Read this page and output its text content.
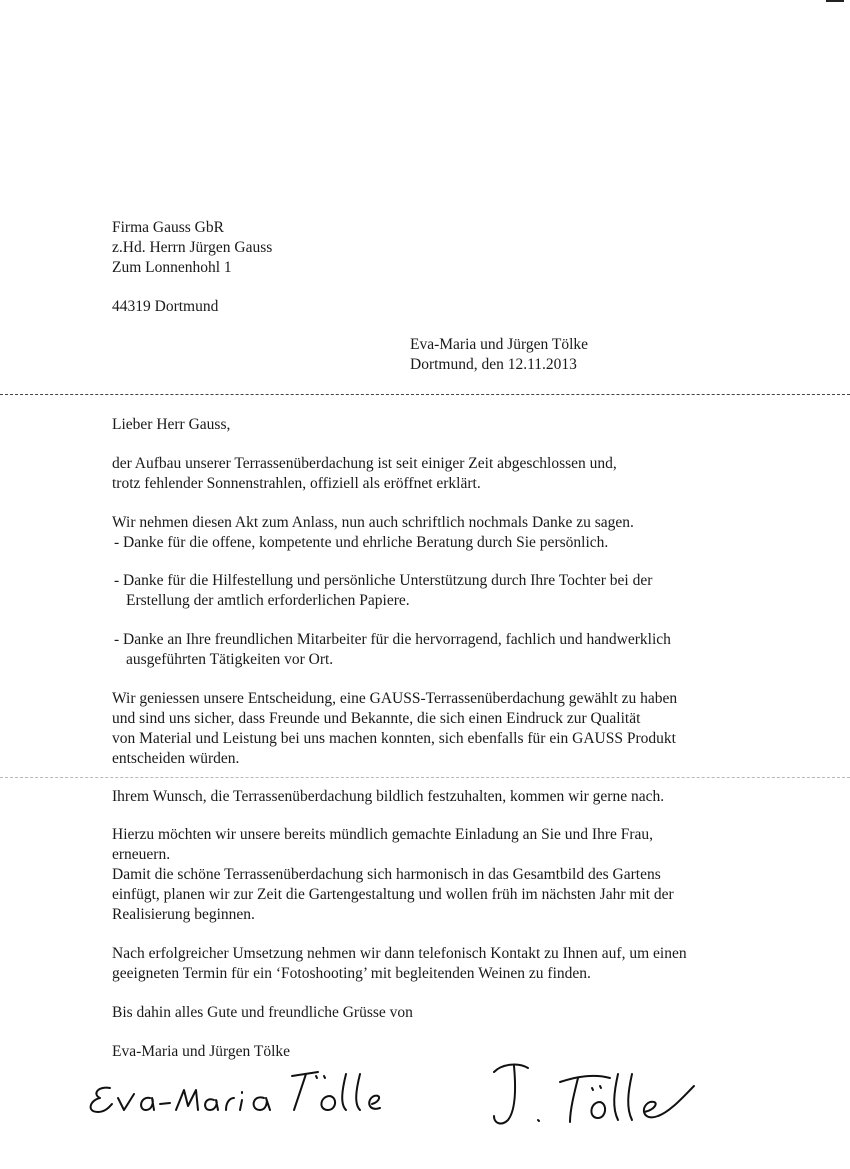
Firma Gauss GbR
z.Hd. Herrn Jürgen Gauss
Zum Lonnenhohl 1
44319 Dortmund
Eva-Maria und Jürgen Tölke
Dortmund, den 12.11.2013
Lieber Herr Gauss,
der Aufbau unserer Terrassenüberdachung ist seit einiger Zeit abgeschlossen und,
trotz fehlender Sonnenstrahlen, offiziell als eröffnet erklärt.
Wir nehmen diesen Akt zum Anlass, nun auch schriftlich nochmals Danke zu sagen.
- Danke für die offene, kompetente und ehrliche Beratung durch Sie persönlich.
- Danke für die Hilfestellung und persönliche Unterstützung durch Ihre Tochter bei der
Erstellung der amtlich erforderlichen Papiere.
- Danke an Ihre freundlichen Mitarbeiter für die hervorragend, fachlich und handwerklich
ausgeführten Tätigkeiten vor Ort.
Wir geniessen unsere Entscheidung, eine GAUSS-Terrassenüberdachung gewählt zu haben
und sind uns sicher, dass Freunde und Bekannte, die sich einen Eindruck zur Qualität
von Material und Leistung bei uns machen konnten, sich ebenfalls für ein GAUSS Produkt
entscheiden würden.
Ihrem Wunsch, die Terrassenüberdachung bildlich festzuhalten, kommen wir gerne nach.
Hierzu möchten wir unsere bereits mündlich gemachte Einladung an Sie und Ihre Frau,
erneuern.
Damit die schöne Terrassenüberdachung sich harmonisch in das Gesamtbild des Gartens
einfügt, planen wir zur Zeit die Gartengestaltung und wollen früh im nächsten Jahr mit der
Realisierung beginnen.
Nach erfolgreicher Umsetzung nehmen wir dann telefonisch Kontakt zu Ihnen auf, um einen
geeigneten Termin für ein ‘Fotoshooting’ mit begleitenden Weinen zu finden.
Bis dahin alles Gute und freundliche Grüsse von
Eva-Maria und Jürgen Tölke
